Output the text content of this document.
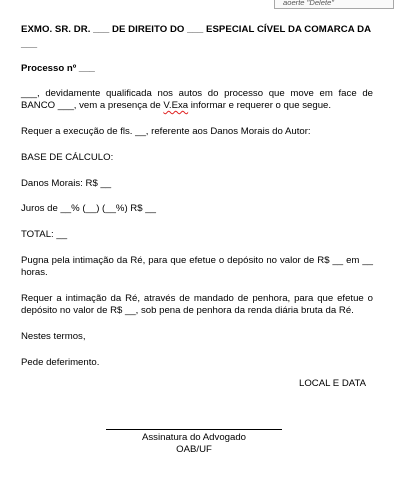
aoerte "Delete"
EXMO. SR. DR. ___ DE DIREITO DO ___ ESPECIAL CÍVEL DA COMARCA DA ___
Processo nº ___

___, devidamente qualificada nos autos do processo que move em face de BANCO ___, vem a presença de V.Exa informar e requerer o que segue.

Requer a execução de fls. __, referente aos Danos Morais do Autor:

BASE DE CÁLCULO:

Danos Morais: R$ __

Juros de __% (__) (__%) R$ __

TOTAL: __

Pugna pela intimação da Ré, para que efetue o depósito no valor de R$ __ em __ horas.

Requer a intimação da Ré, através de mandado de penhora, para que efetue o depósito no valor de R$ __, sob pena de penhora da renda diária bruta da Ré.

Nestes termos,

Pede deferimento.

LOCAL E DATA
Assinatura do Advogado
OAB/UF
